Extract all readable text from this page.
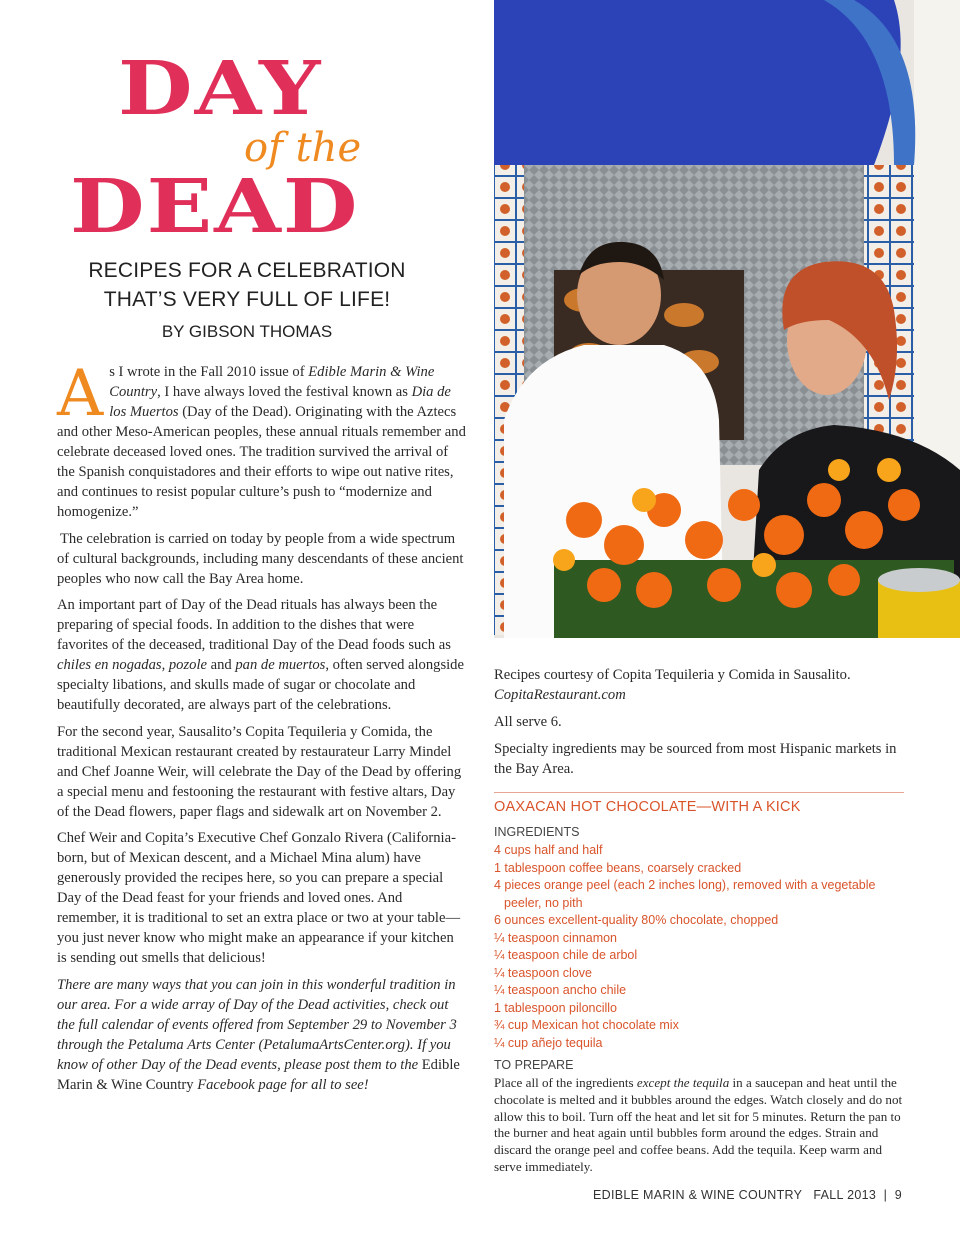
DAY
of the
DEAD
RECIPES FOR A CELEBRATION
THAT’S VERY FULL OF LIFE!
BY GIBSON THOMAS

As I wrote in the Fall 2010 issue of Edible Marin & Wine Country, I have always loved the festival known as Dia de los Muertos (Day of the Dead). Originating with the Aztecs and other Meso-American peoples, these annual rituals remember and celebrate deceased loved ones. The tradition survived the arrival of the Spanish conquistadores and their efforts to wipe out native rites, and continues to resist popular culture’s push to “modernize and homogenize.”

The celebration is carried on today by people from a wide spectrum of cultural backgrounds, including many descendants of these ancient peoples who now call the Bay Area home.

An important part of Day of the Dead rituals has always been the preparing of special foods. In addition to the dishes that were favorites of the deceased, traditional Day of the Dead foods such as chiles en nogadas, pozole and pan de muertos, often served alongside specialty libations, and skulls made of sugar or chocolate and beautifully decorated, are always part of the celebrations.

For the second year, Sausalito’s Copita Tequileria y Comida, the traditional Mexican restaurant created by restaurateur Larry Mindel and Chef Joanne Weir, will celebrate the Day of the Dead by offering a special menu and festooning the restaurant with festive altars, Day of the Dead flowers, paper flags and sidewalk art on November 2.

Chef Weir and Copita’s Executive Chef Gonzalo Rivera (California-born, but of Mexican descent, and a Michael Mina alum) have generously provided the recipes here, so you can prepare a special Day of the Dead feast for your friends and loved ones. And remember, it is traditional to set an extra place or two at your table—you just never know who might make an appearance if your kitchen is sending out smells that delicious!

There are many ways that you can join in this wonderful tradition in our area. For a wide array of Day of the Dead activities, check out the full calendar of events offered from September 29 to November 3 through the Petaluma Arts Center (PetalumaArtsCenter.org). If you know of other Day of the Dead events, please post them to the Edible Marin & Wine Country Facebook page for all to see!

Recipes courtesy of Copita Tequileria y Comida in Sausalito.
CopitaRestaurant.com

All serve 6.

Specialty ingredients may be sourced from most Hispanic markets in the Bay Area.

OAXACAN HOT CHOCOLATE—WITH A KICK
INGREDIENTS
4 cups half and half
1 tablespoon coffee beans, coarsely cracked
4 pieces orange peel (each 2 inches long), removed with a vegetable peeler, no pith
6 ounces excellent-quality 80% chocolate, chopped
¼ teaspoon cinnamon
¼ teaspoon chile de arbol
¼ teaspoon clove
¼ teaspoon ancho chile
1 tablespoon piloncillo
¾ cup Mexican hot chocolate mix
¼ cup añejo tequila
TO PREPARE

Place all of the ingredients except the tequila in a saucepan and heat until the chocolate is melted and it bubbles around the edges. Watch closely and do not allow this to boil. Turn off the heat and let sit for 5 minutes. Return the pan to the burner and heat again until bubbles form around the edges. Strain and discard the orange peel and coffee beans. Add the tequila. Keep warm and serve immediately.

EDIBLE MARIN & WINE COUNTRY   FALL 2013  |  9
